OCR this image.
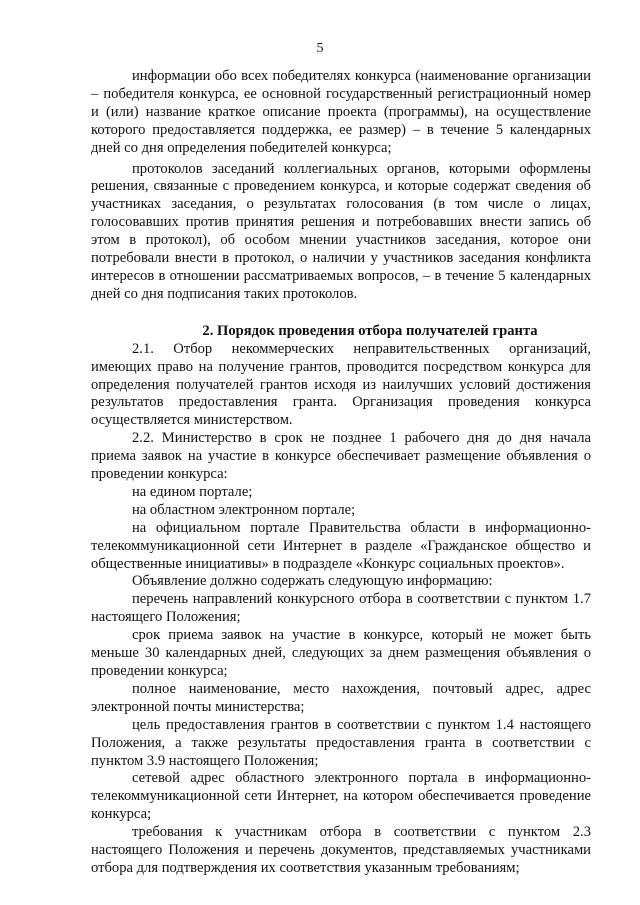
5

информации обо всех победителях конкурса (наименование организации – победителя конкурса, ее основной государственный регистрационный номер и (или) название краткое описание проекта (программы), на осуществление которого предоставляется поддержка, ее размер) – в течение 5 календарных дней со дня определения победителей конкурса;

протоколов заседаний коллегиальных органов, которыми оформлены решения, связанные с проведением конкурса, и которые содержат сведения об участниках заседания, о результатах голосования (в том числе о лицах, голосовавших против принятия решения и потребовавших внести запись об этом в протокол), об особом мнении участников заседания, которое они потребовали внести в протокол, о наличии у участников заседания конфликта интересов в отношении рассматриваемых вопросов, – в течение 5 календарных дней со дня подписания таких протоколов.

2. Порядок проведения отбора получателей гранта

2.1. Отбор некоммерческих неправительственных организаций, имеющих право на получение грантов, проводится посредством конкурса для определения получателей грантов исходя из наилучших условий достижения результатов предоставления гранта. Организация проведения конкурса осуществляется министерством.

2.2. Министерство в срок не позднее 1 рабочего дня до дня начала приема заявок на участие в конкурсе обеспечивает размещение объявления о проведении конкурса:

на едином портале;

на областном электронном портале;

на официальном портале Правительства области в информационно-телекоммуникационной сети Интернет в разделе «Гражданское общество и общественные инициативы» в подразделе «Конкурс социальных проектов».

Объявление должно содержать следующую информацию:

перечень направлений конкурсного отбора в соответствии с пунктом 1.7 настоящего Положения;

срок приема заявок на участие в конкурсе, который не может быть меньше 30 календарных дней, следующих за днем размещения объявления о проведении конкурса;

полное наименование, место нахождения, почтовый адрес, адрес электронной почты министерства;

цель предоставления грантов в соответствии с пунктом 1.4 настоящего Положения, а также результаты предоставления гранта в соответствии с пунктом 3.9 настоящего Положения;

сетевой адрес областного электронного портала в информационно-телекоммуникационной сети Интернет, на котором обеспечивается проведение конкурса;

требования к участникам отбора в соответствии с пунктом 2.3 настоящего Положения и перечень документов, представляемых участниками отбора для подтверждения их соответствия указанным требованиям;
